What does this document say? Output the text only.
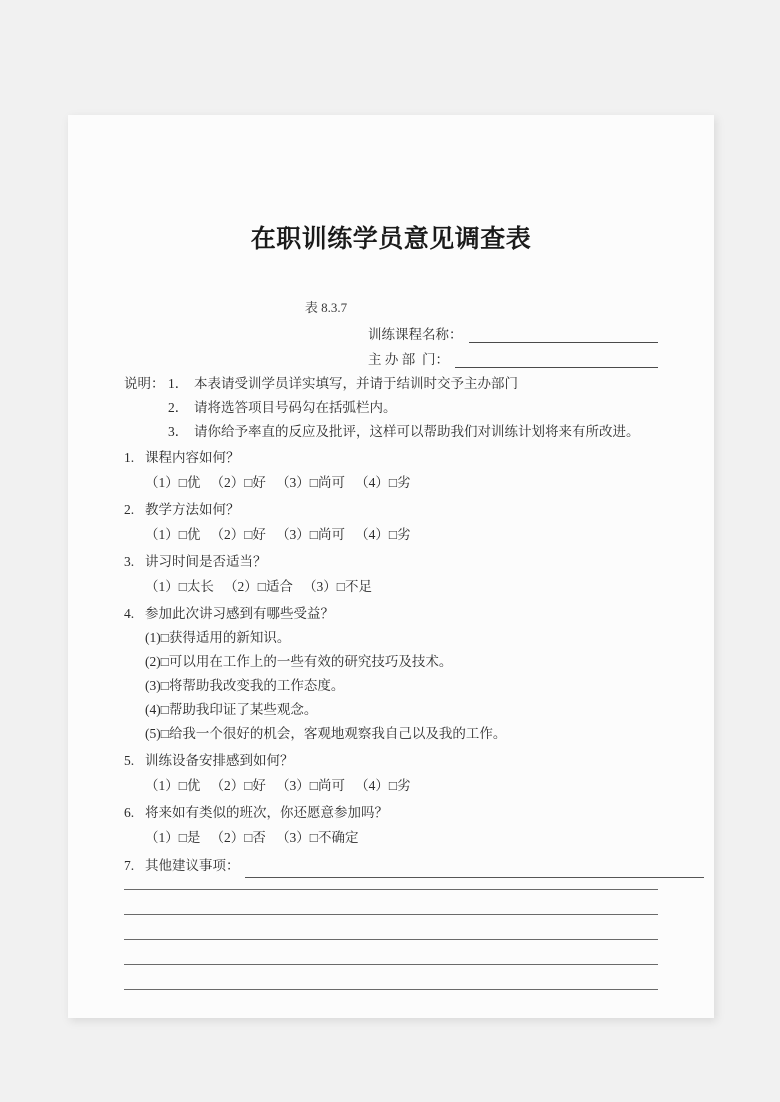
在职训练学员意见调查表
表 8.3.7
训练课程名称：
主 办 部  门：
说明： 1． 本表请受训学员详实填写，并请于结训时交予主办部门
2． 请将选答项目号码勾在括弧栏内。
3． 请你给予率直的反应及批评，这样可以帮助我们对训练计划将来有所改进。
1. 课程内容如何？
（1）□优 （2）□好 （3）□尚可 （4）□劣
2. 教学方法如何？
（1）□优 （2）□好 （3）□尚可 （4）□劣
3. 讲习时间是否适当？
（1）□太长 （2）□适合 （3）□不足
4. 参加此次讲习感到有哪些受益？
(1)□获得适用的新知识。
(2)□可以用在工作上的一些有效的研究技巧及技术。
(3)□将帮助我改变我的工作态度。
(4)□帮助我印证了某些观念。
(5)□给我一个很好的机会，客观地观察我自己以及我的工作。
5. 训练设备安排感到如何？
（1）□优 （2）□好 （3）□尚可 （4）□劣
6. 将来如有类似的班次，你还愿意参加吗？
（1）□是 （2）□否 （3）□不确定
7. 其他建议事项：
